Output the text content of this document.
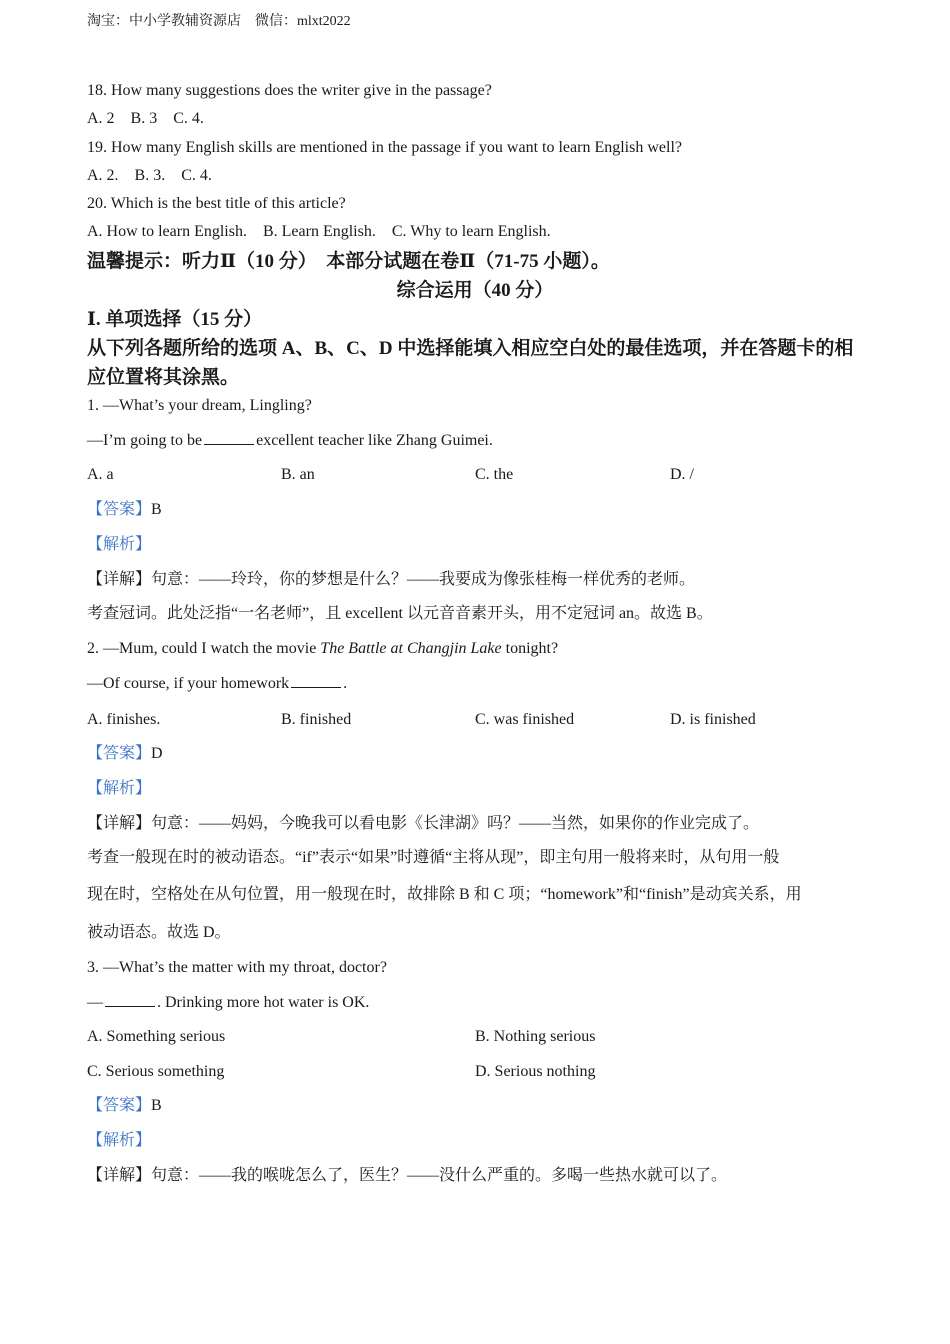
淘宝：中小学教辅资源店 微信：mlxt2022
18. How many suggestions does the writer give in the passage?
A. 2    B. 3    C. 4.
19. How many English skills are mentioned in the passage if you want to learn English well?
A. 2.    B. 3.    C. 4.
20. Which is the best title of this article?
A. How to learn English.    B. Learn English.    C. Why to learn English.
温馨提示：听力Ⅱ（10 分）  本部分试题在卷Ⅱ（71-75 小题）。
综合运用（40 分）
Ⅰ. 单项选择（15 分）
从下列各题所给的选项 A、B、C、D 中选择能填入相应空白处的最佳选项，并在答题卡的相
应位置将其涂黑。
1. —What’s your dream, Lingling?
—I’m going to be	excellent teacher like Zhang Guimei.
A. a	B. an	C. the	D. /
【答案】B
【解析】
【详解】句意：——玲玲，你的梦想是什么？——我要成为像张桂梅一样优秀的老师。
考查冠词。此处泛指“一名老师”，且 excellent 以元音音素开头，用不定冠词 an。故选 B。
2. —Mum, could I watch the movie The Battle at Changjin Lake tonight?
—Of course, if your homework	.
A. finishes.	B. finished	C. was finished	D. is finished
【答案】D
【解析】
【详解】句意：——妈妈，今晚我可以看电影《长津湖》吗？——当然，如果你的作业完成了。
考查一般现在时的被动语态。“if”表示“如果”时遵循“主将从现”，即主句用一般将来时，从句用一般
现在时，空格处在从句位置，用一般现在时，故排除 B 和 C 项；“homework”和“finish”是动宾关系，用
被动语态。故选 D。
3. —What’s the matter with my throat, doctor?
—	. Drinking more hot water is OK.
A. Something serious	B. Nothing serious
C. Serious something	D. Serious nothing
【答案】B
【解析】
【详解】句意：——我的喉咙怎么了，医生？——没什么严重的。多喝一些热水就可以了。
